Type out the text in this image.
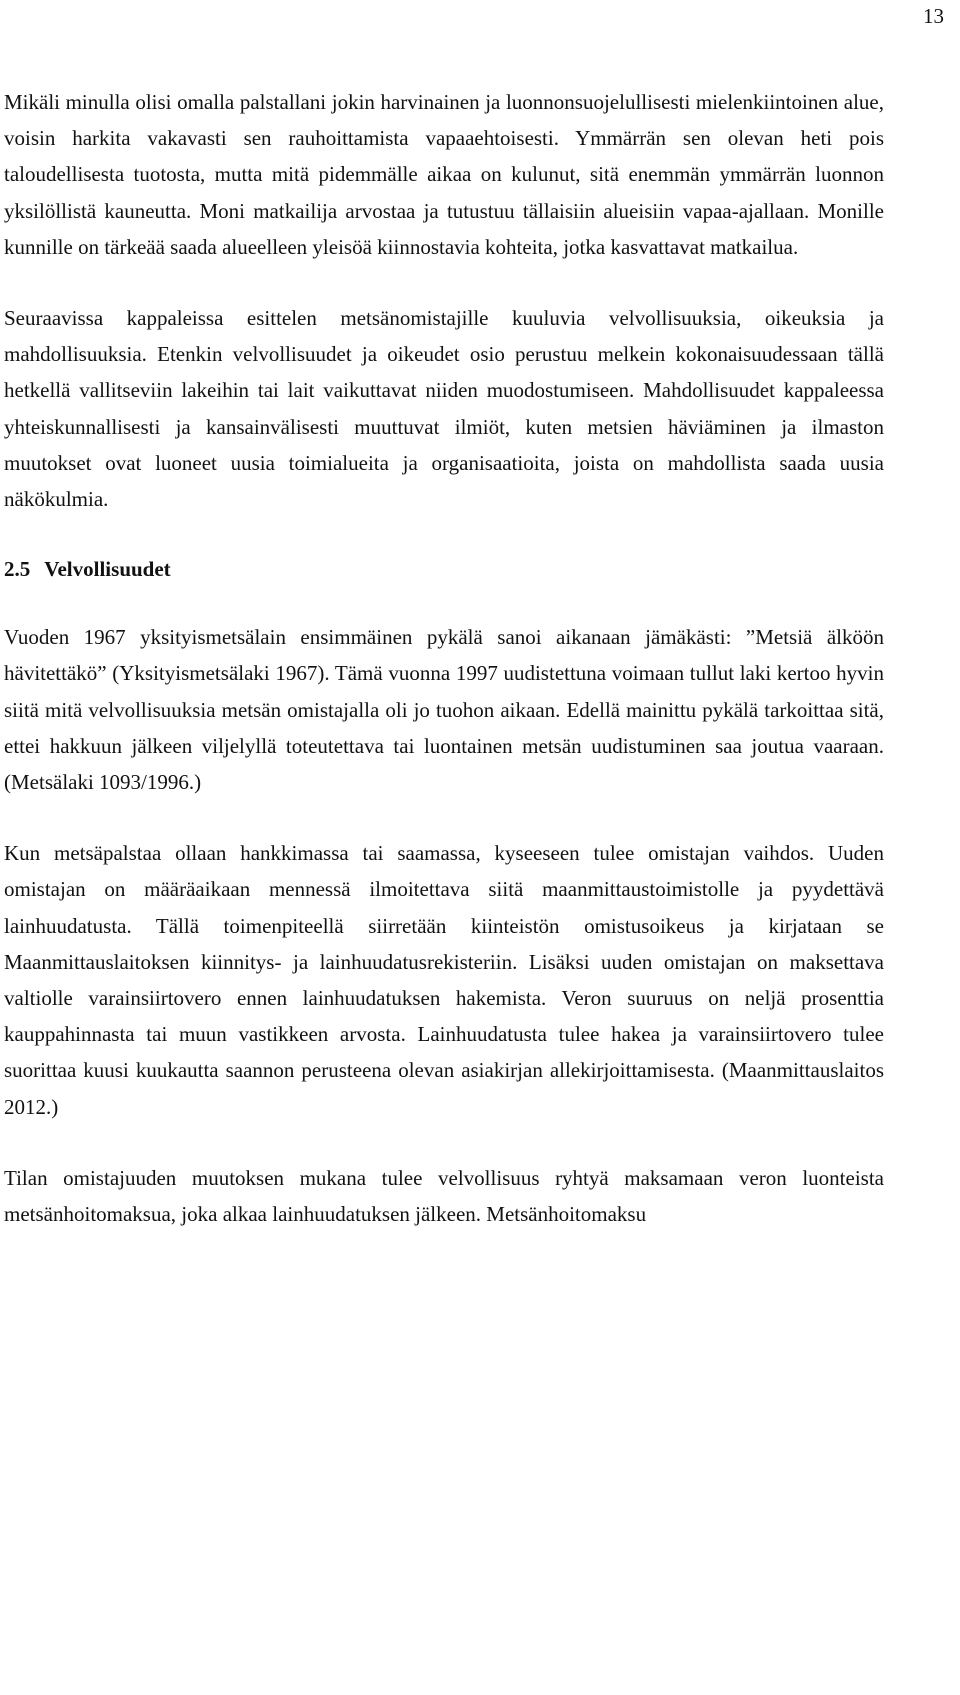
13

Mikäli minulla olisi omalla palstallani jokin harvinainen ja luonnonsuojelullisesti mielenkiintoinen alue, voisin harkita vakavasti sen rauhoittamista vapaaehtoisesti. Ymmärrän sen olevan heti pois taloudellisesta tuotosta, mutta mitä pidemmälle aikaa on kulunut, sitä enemmän ymmärrän luonnon yksilöllistä kauneutta. Moni matkailija arvostaa ja tutustuu tällaisiin alueisiin vapaa-ajallaan. Monille kunnille on tärkeää saada alueelleen yleisöä kiinnostavia kohteita, jotka kasvattavat matkailua.

Seuraavissa kappaleissa esittelen metsänomistajille kuuluvia velvollisuuksia, oikeuksia ja mahdollisuuksia. Etenkin velvollisuudet ja oikeudet osio perustuu melkein kokonaisuudessaan tällä hetkellä vallitseviin lakeihin tai lait vaikuttavat niiden muodostumiseen. Mahdollisuudet kappaleessa yhteiskunnallisesti ja kansainvälisesti muuttuvat ilmiöt, kuten metsien häviäminen ja ilmaston muutokset ovat luoneet uusia toimialueita ja organisaatioita, joista on mahdollista saada uusia näkökulmia.

2.5 Velvollisuudet

Vuoden 1967 yksityismetsälain ensimmäinen pykälä sanoi aikanaan jämäkästi: ”Metsiä älköön hävitettäkö” (Yksityismetsälaki 1967). Tämä vuonna 1997 uudistettuna voimaan tullut laki kertoo hyvin siitä mitä velvollisuuksia metsän omistajalla oli jo tuohon aikaan. Edellä mainittu pykälä tarkoittaa sitä, ettei hakkuun jälkeen viljelyllä toteutettava tai luontainen metsän uudistuminen saa joutua vaaraan. (Metsälaki 1093/1996.)

Kun metsäpalstaa ollaan hankkimassa tai saamassa, kyseeseen tulee omistajan vaihdos. Uuden omistajan on määräaikaan mennessä ilmoitettava siitä maanmittaustoimistolle ja pyydettävä lainhuudatusta. Tällä toimenpiteellä siirretään kiinteistön omistusoikeus ja kirjataan se Maanmittauslaitoksen kiinnitys- ja lainhuudatusrekisteriin. Lisäksi uuden omistajan on maksettava valtiolle varainsiirtovero ennen lainhuudatuksen hakemista. Veron suuruus on neljä prosenttia kauppahinnasta tai muun vastikkeen arvosta. Lainhuudatusta tulee hakea ja varainsiirtovero tulee suorittaa kuusi kuukautta saannon perusteena olevan asiakirjan allekirjoittamisesta. (Maanmittauslaitos 2012.)

Tilan omistajuuden muutoksen mukana tulee velvollisuus ryhtyä maksamaan veron luonteista metsänhoitomaksua, joka alkaa lainhuudatuksen jälkeen. Metsänhoitomaksu
